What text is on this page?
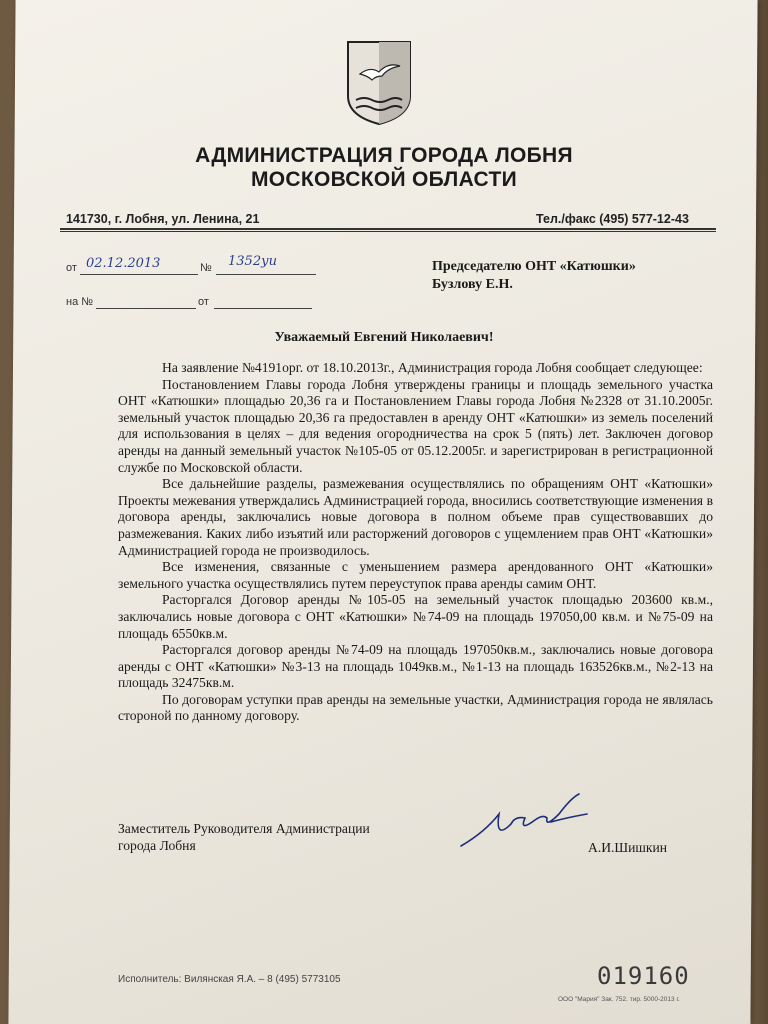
АДМИНИСТРАЦИЯ ГОРОДА ЛОБНЯ
МОСКОВСКОЙ ОБЛАСТИ
141730, г. Лобня, ул. Ленина, 21	Тел./факс (495) 577-12-43
от 02.12.2013	№ 1352уи
на №	от
Председателю ОНТ «Катюшки»
Бузлову Е.Н.
Уважаемый Евгений Николаевич!

На заявление №4191орг. от 18.10.2013г., Администрация города Лобня сообщает следующее:

Постановлением Главы города Лобня утверждены границы и площадь земельного участка ОНТ «Катюшки» площадью 20,36 га и Постановлением Главы города Лобня №2328 от 31.10.2005г. земельный участок площадью 20,36 га предоставлен в аренду ОНТ «Катюшки» из земель поселений для использования в целях – для ведения огородничества на срок 5 (пять) лет. Заключен договор аренды на данный земельный участок №105-05 от 05.12.2005г. и зарегистрирован в регистрационной службе по Московской области.

Все дальнейшие разделы, размежевания осуществлялись по обращениям ОНТ «Катюшки» Проекты межевания утверждались Администрацией города, вносились соответствующие изменения в договора аренды, заключались новые договора в полном объеме прав существовавших до размежевания. Каких либо изъятий или расторжений договоров с ущемлением прав ОНТ «Катюшки» Администрацией города не производилось.

Все изменения, связанные с уменьшением размера арендованного ОНТ «Катюшки» земельного участка осуществлялись путем переуступок права аренды самим ОНТ.

Расторгался Договор аренды №105-05 на земельный участок площадью 203600 кв.м., заключались новые договора с ОНТ «Катюшки» №74-09 на площадь 197050,00 кв.м. и №75-09 на площадь 6550кв.м.

Расторгался договор аренды №74-09 на площадь 197050кв.м., заключались новые договора аренды с ОНТ «Катюшки» №3-13 на площадь 1049кв.м., №1-13 на площадь 163526кв.м., №2-13 на площадь 32475кв.м.

По договорам уступки прав аренды на земельные участки, Администрация города не являлась стороной по данному договору.

Заместитель Руководителя Администрации
города Лобня	А.И.Шишкин
Исполнитель: Вилянская Я.А. – 8 (495) 5773105	019160
ООО "Мария" Зак. 752. тир. 5000-2013 г.
